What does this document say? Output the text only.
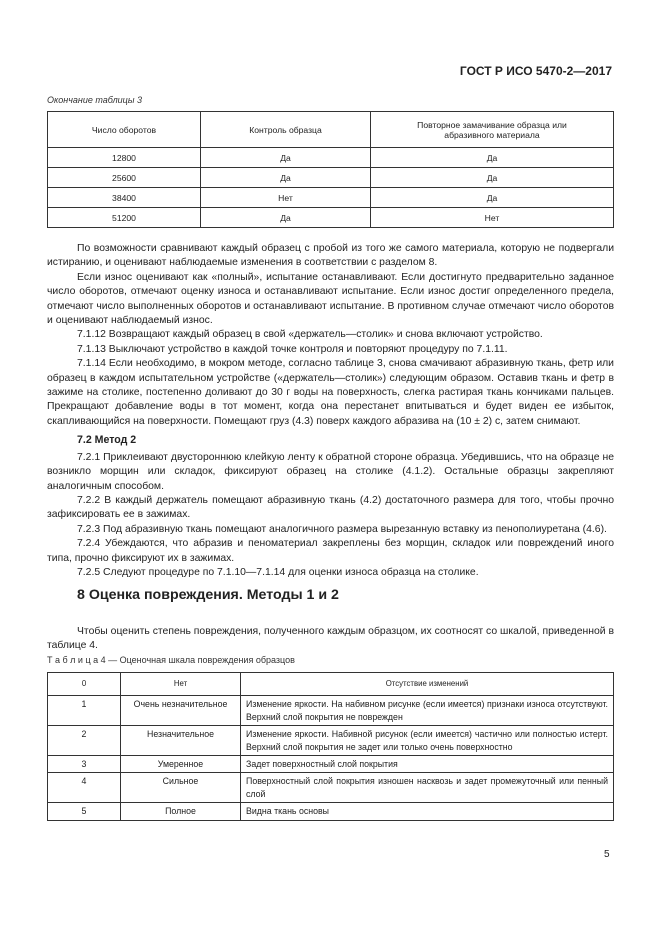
ГОСТ Р ИСО 5470-2—2017
Окончание таблицы 3
Число оборотов	Контроль образца	Повторное замачивание образца или абразивного материала
12800	Да	Да
25600	Да	Да
38400	Нет	Да
51200	Да	Нет

По возможности сравнивают каждый образец с пробой из того же самого материала, которую не подвергали истиранию, и оценивают наблюдаемые изменения в соответствии с разделом 8.

Если износ оценивают как «полный», испытание останавливают. Если достигнуто предварительно заданное число оборотов, отмечают оценку износа и останавливают испытание. Если износ достиг определенного предела, отмечают число выполненных оборотов и останавливают испытание. В противном случае отмечают число оборотов и оценивают наблюдаемый износ.

7.1.12 Возвращают каждый образец в свой «держатель—столик» и снова включают устройство.

7.1.13 Выключают устройство в каждой точке контроля и повторяют процедуру по 7.1.11.

7.1.14 Если необходимо, в мокром методе, согласно таблице 3, снова смачивают абразивную ткань, фетр или образец в каждом испытательном устройстве («держатель—столик») следующим образом. Оставив ткань и фетр в зажиме на столике, постепенно доливают до 30 г воды на поверхность, слегка растирая ткань кончиками пальцев. Прекращают добавление воды в тот момент, когда она перестанет впитываться и будет виден ее избыток, скапливающийся на поверхности. Помещают груз (4.3) поверх каждого абразива на (10 ± 2) с, затем снимают.

7.2 Метод 2

7.2.1 Приклеивают двустороннюю клейкую ленту к обратной стороне образца. Убедившись, что на образце не возникло морщин или складок, фиксируют образец на столике (4.1.2). Остальные образцы закрепляют аналогичным способом.

7.2.2 В каждый держатель помещают абразивную ткань (4.2) достаточного размера для того, чтобы прочно зафиксировать ее в зажимах.

7.2.3 Под абразивную ткань помещают аналогичного размера вырезанную вставку из пенополиуретана (4.6).

7.2.4 Убеждаются, что абразив и пеноматериал закреплены без морщин, складок или повреждений иного типа, прочно фиксируют их в зажимах.

7.2.5 Следуют процедуре по 7.1.10—7.1.14 для оценки износа образца на столике.

8 Оценка повреждения. Методы 1 и 2

Чтобы оценить степень повреждения, полученного каждым образцом, их соотносят со шкалой, приведенной в таблице 4.

Т а б л и ц а 4 — Оценочная шкала повреждения образцов
0	Нет	Отсутствие изменений
1	Очень незначительное	Изменение яркости. На набивном рисунке (если имеется) признаки износа отсутствуют. Верхний слой покрытия не поврежден
2	Незначительное	Изменение яркости. Набивной рисунок (если имеется) частично или полностью истерт. Верхний слой покрытия не задет или только очень поверхностно
3	Умеренное	Задет поверхностный слой покрытия
4	Сильное	Поверхностный слой покрытия изношен насквозь и задет промежуточный или пенный слой
5	Полное	Видна ткань основы
5
